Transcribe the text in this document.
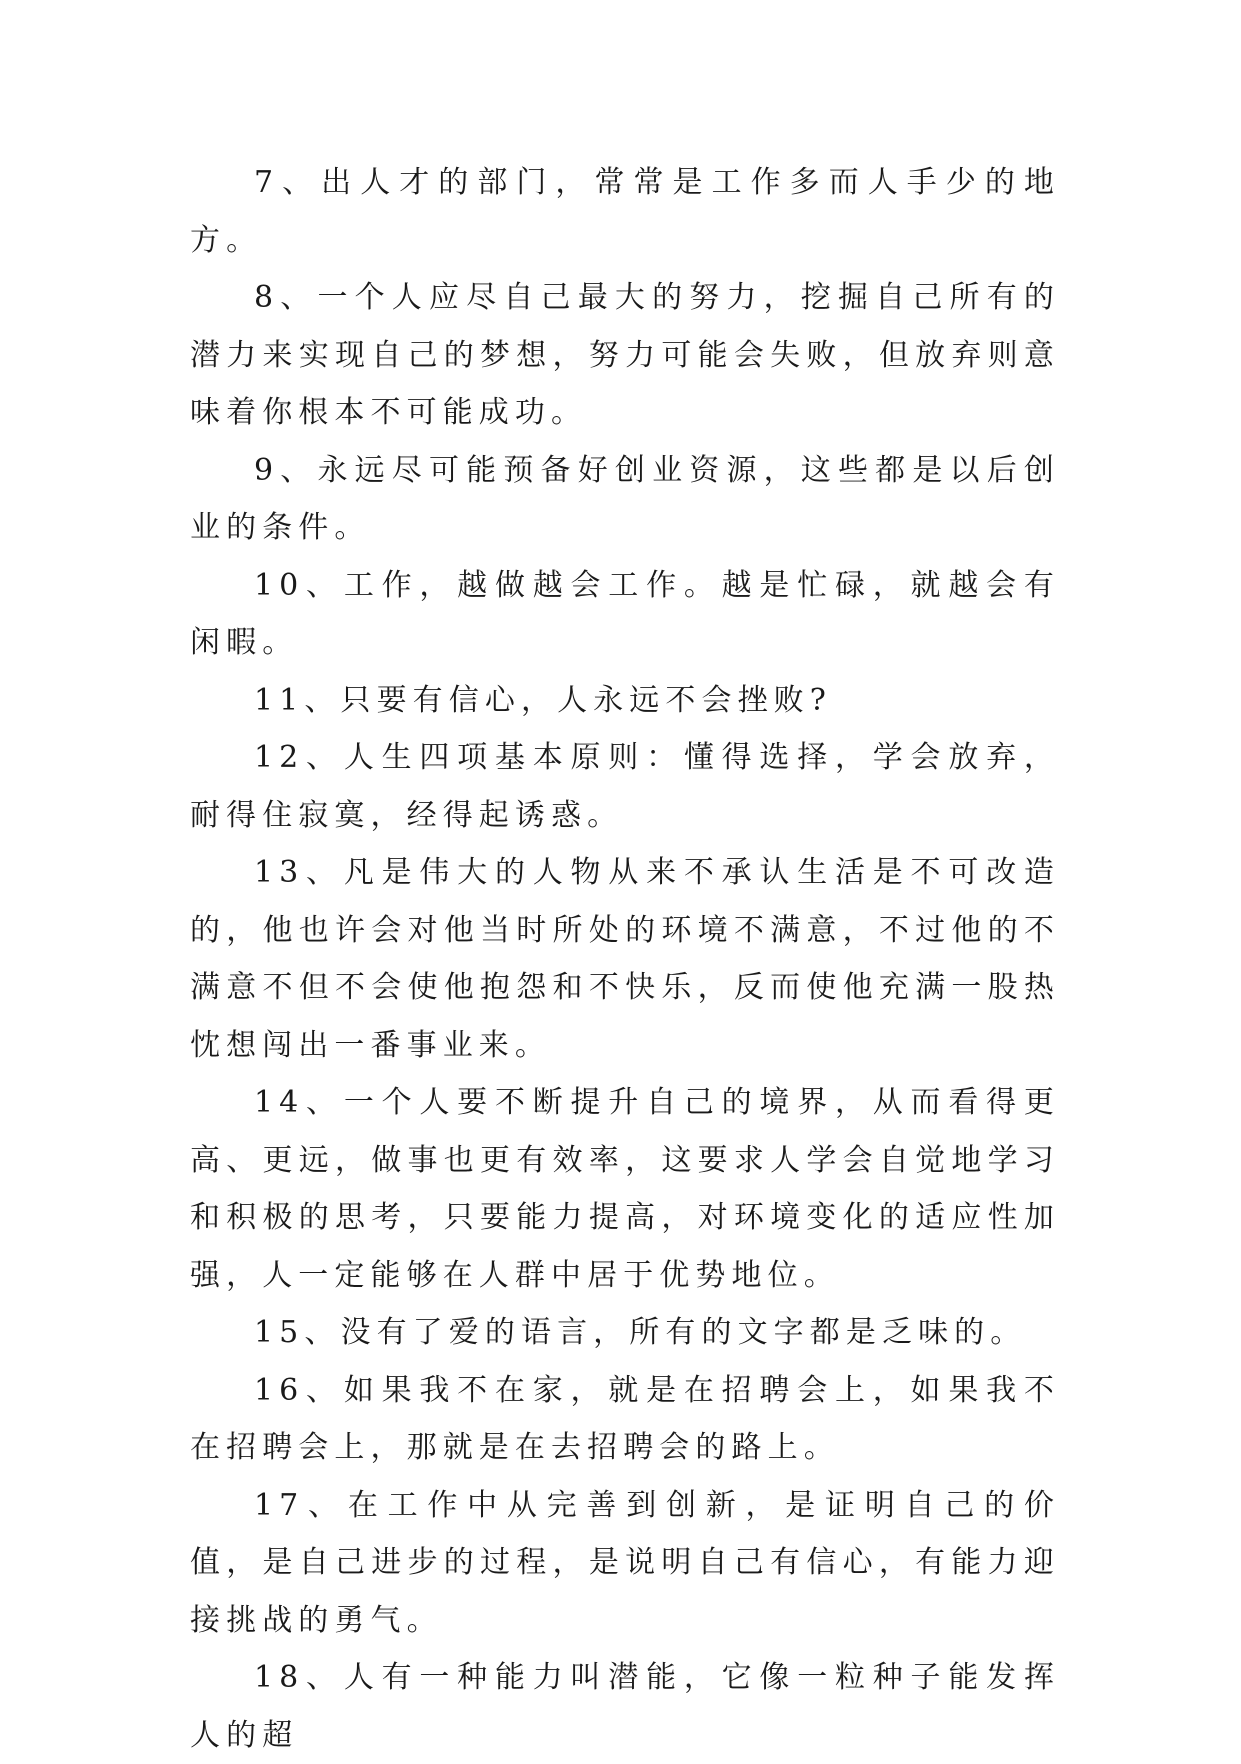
7、出人才的部门，常常是工作多而人手少的地方。

8、一个人应尽自己最大的努力，挖掘自己所有的潜力来实现自己的梦想，努力可能会失败，但放弃则意味着你根本不可能成功。

9、永远尽可能预备好创业资源，这些都是以后创业的条件。

10、工作，越做越会工作。越是忙碌，就越会有闲暇。

11、只要有信心，人永远不会挫败?

12、人生四项基本原则：懂得选择，学会放弃，耐得住寂寞，经得起诱惑。

13、凡是伟大的人物从来不承认生活是不可改造的，他也许会对他当时所处的环境不满意，不过他的不满意不但不会使他抱怨和不快乐，反而使他充满一股热忱想闯出一番事业来。

14、一个人要不断提升自己的境界，从而看得更高、更远，做事也更有效率，这要求人学会自觉地学习和积极的思考，只要能力提高，对环境变化的适应性加强，人一定能够在人群中居于优势地位。

15、没有了爱的语言，所有的文字都是乏味的。

16、如果我不在家，就是在招聘会上，如果我不在招聘会上，那就是在去招聘会的路上。

17、在工作中从完善到创新，是证明自己的价值，是自己进步的过程，是说明自己有信心，有能力迎接挑战的勇气。

18、人有一种能力叫潜能，它像一粒种子能发挥人的超
